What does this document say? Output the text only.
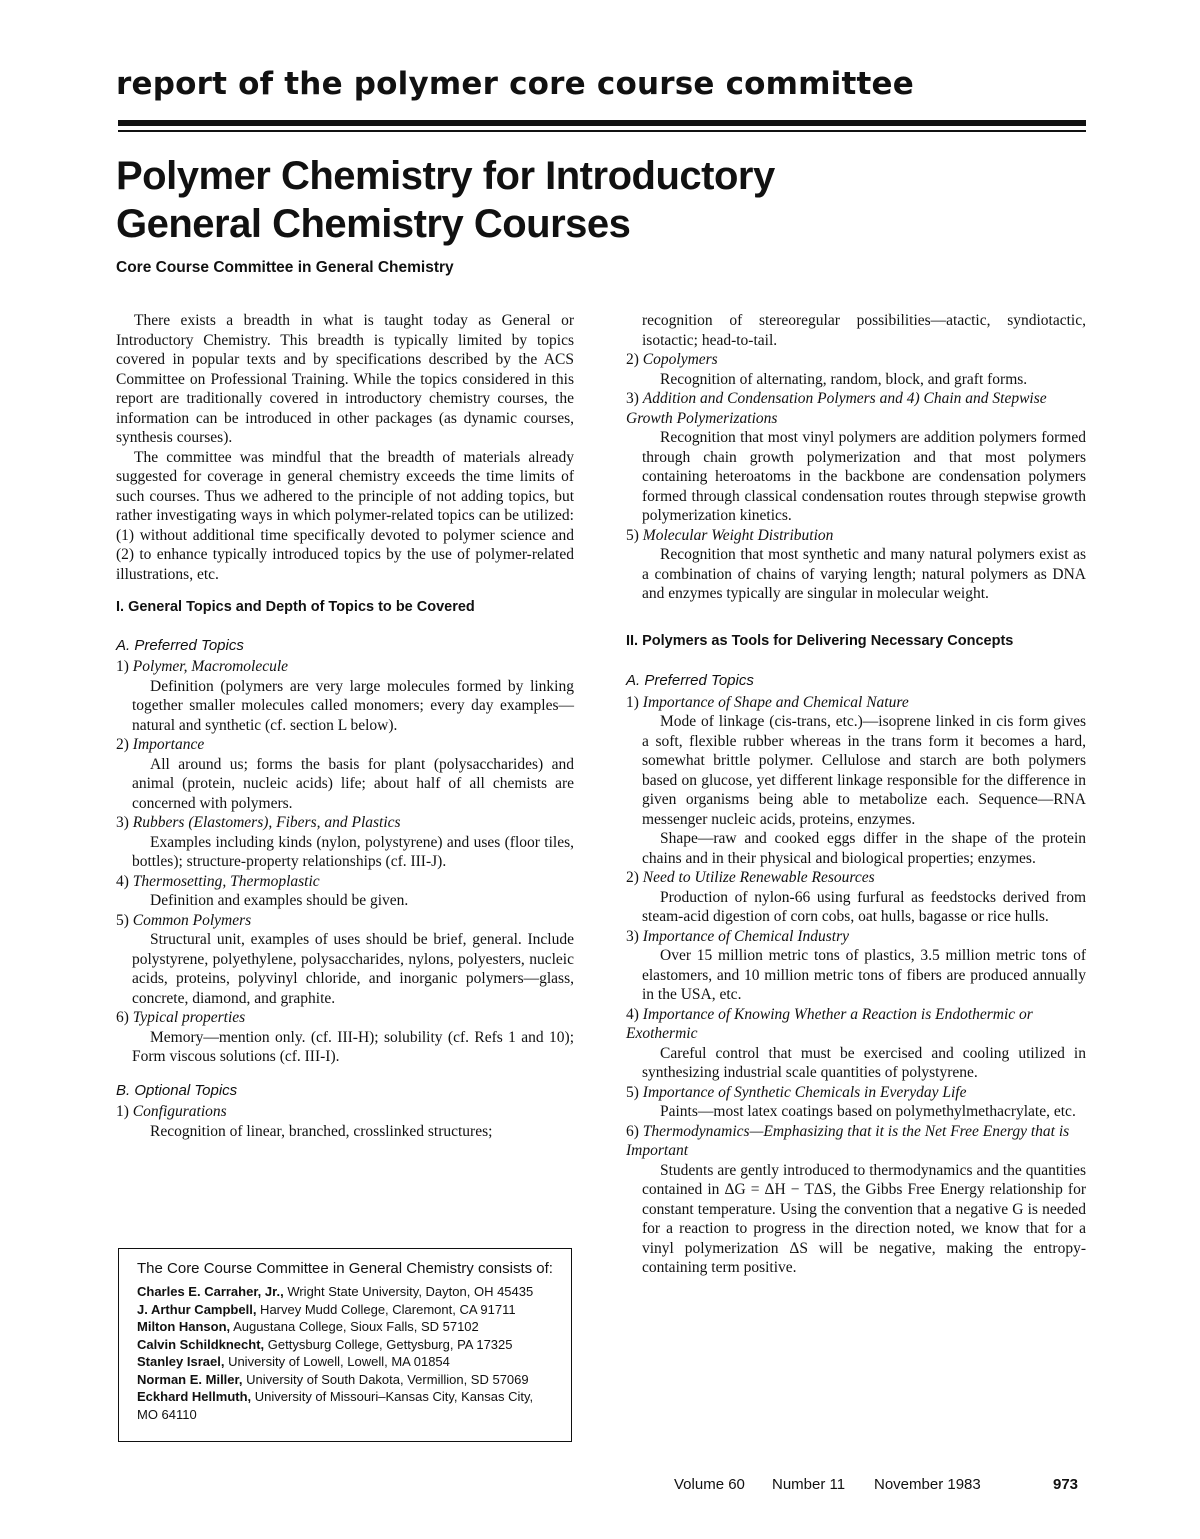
report of the polymer core course committee
Polymer Chemistry for Introductory
General Chemistry Courses
Core Course Committee in General Chemistry

There exists a breadth in what is taught today as General or Introductory Chemistry. This breadth is typically limited by topics covered in popular texts and by specifications described by the ACS Committee on Professional Training. While the topics considered in this report are traditionally covered in introductory chemistry courses, the information can be introduced in other packages (as dynamic courses, synthesis courses).

The committee was mindful that the breadth of materials already suggested for coverage in general chemistry exceeds the time limits of such courses. Thus we adhered to the principle of not adding topics, but rather investigating ways in which polymer-related topics can be utilized: (1) without additional time specifically devoted to polymer science and (2) to enhance typically introduced topics by the use of polymer-related illustrations, etc.

I. General Topics and Depth of Topics to be Covered
A. Preferred Topics

1) Polymer, Macromolecule

Definition (polymers are very large molecules formed by linking together smaller molecules called monomers; every day examples—natural and synthetic (cf. section L below).

2) Importance

All around us; forms the basis for plant (polysaccharides) and animal (protein, nucleic acids) life; about half of all chemists are concerned with polymers.

3) Rubbers (Elastomers), Fibers, and Plastics

Examples including kinds (nylon, polystyrene) and uses (floor tiles, bottles); structure-property relationships (cf. III-J).

4) Thermosetting, Thermoplastic

Definition and examples should be given.

5) Common Polymers

Structural unit, examples of uses should be brief, general. Include polystyrene, polyethylene, polysaccharides, nylons, polyesters, nucleic acids, proteins, polyvinyl chloride, and inorganic polymers—glass, concrete, diamond, and graphite.

6) Typical properties

Memory—mention only. (cf. III-H); solubility (cf. Refs 1 and 10); Form viscous solutions (cf. III-I).

B. Optional Topics

1) Configurations

Recognition of linear, branched, crosslinked structures;

The Core Course Committee in General Chemistry consists of:
Charles E. Carraher, Jr., Wright State University, Dayton, OH 45435
J. Arthur Campbell, Harvey Mudd College, Claremont, CA 91711
Milton Hanson, Augustana College, Sioux Falls, SD 57102
Calvin Schildknecht, Gettysburg College, Gettysburg, PA 17325
Stanley Israel, University of Lowell, Lowell, MA 01854
Norman E. Miller, University of South Dakota, Vermillion, SD 57069
Eckhard Hellmuth, University of Missouri–Kansas City, Kansas City, MO 64110

recognition of stereoregular possibilities—atactic, syndiotactic, isotactic; head-to-tail.

2) Copolymers

Recognition of alternating, random, block, and graft forms.

3) Addition and Condensation Polymers and 4) Chain and Stepwise Growth Polymerizations

Recognition that most vinyl polymers are addition polymers formed through chain growth polymerization and that most polymers containing heteroatoms in the backbone are condensation polymers formed through classical condensation routes through stepwise growth polymerization kinetics.

5) Molecular Weight Distribution

Recognition that most synthetic and many natural polymers exist as a combination of chains of varying length; natural polymers as DNA and enzymes typically are singular in molecular weight.

II. Polymers as Tools for Delivering Necessary Concepts
A. Preferred Topics

1) Importance of Shape and Chemical Nature

Mode of linkage (cis-trans, etc.)—isoprene linked in cis form gives a soft, flexible rubber whereas in the trans form it becomes a hard, somewhat brittle polymer. Cellulose and starch are both polymers based on glucose, yet different linkage responsible for the difference in given organisms being able to metabolize each. Sequence—RNA messenger nucleic acids, proteins, enzymes.

Shape—raw and cooked eggs differ in the shape of the protein chains and in their physical and biological properties; enzymes.

2) Need to Utilize Renewable Resources

Production of nylon-66 using furfural as feedstocks derived from steam-acid digestion of corn cobs, oat hulls, bagasse or rice hulls.

3) Importance of Chemical Industry

Over 15 million metric tons of plastics, 3.5 million metric tons of elastomers, and 10 million metric tons of fibers are produced annually in the USA, etc.

4) Importance of Knowing Whether a Reaction is Endothermic or Exothermic

Careful control that must be exercised and cooling utilized in synthesizing industrial scale quantities of polystyrene.

5) Importance of Synthetic Chemicals in Everyday Life

Paints—most latex coatings based on polymethylmethacrylate, etc.

6) Thermodynamics—Emphasizing that it is the Net Free Energy that is Important

Students are gently introduced to thermodynamics and the quantities contained in ΔG = ΔH − TΔS, the Gibbs Free Energy relationship for constant temperature. Using the convention that a negative G is needed for a reaction to progress in the direction noted, we know that for a vinyl polymerization ΔS will be negative, making the entropy-containing term positive.

Volume 60 Number 11 November 1983	973
